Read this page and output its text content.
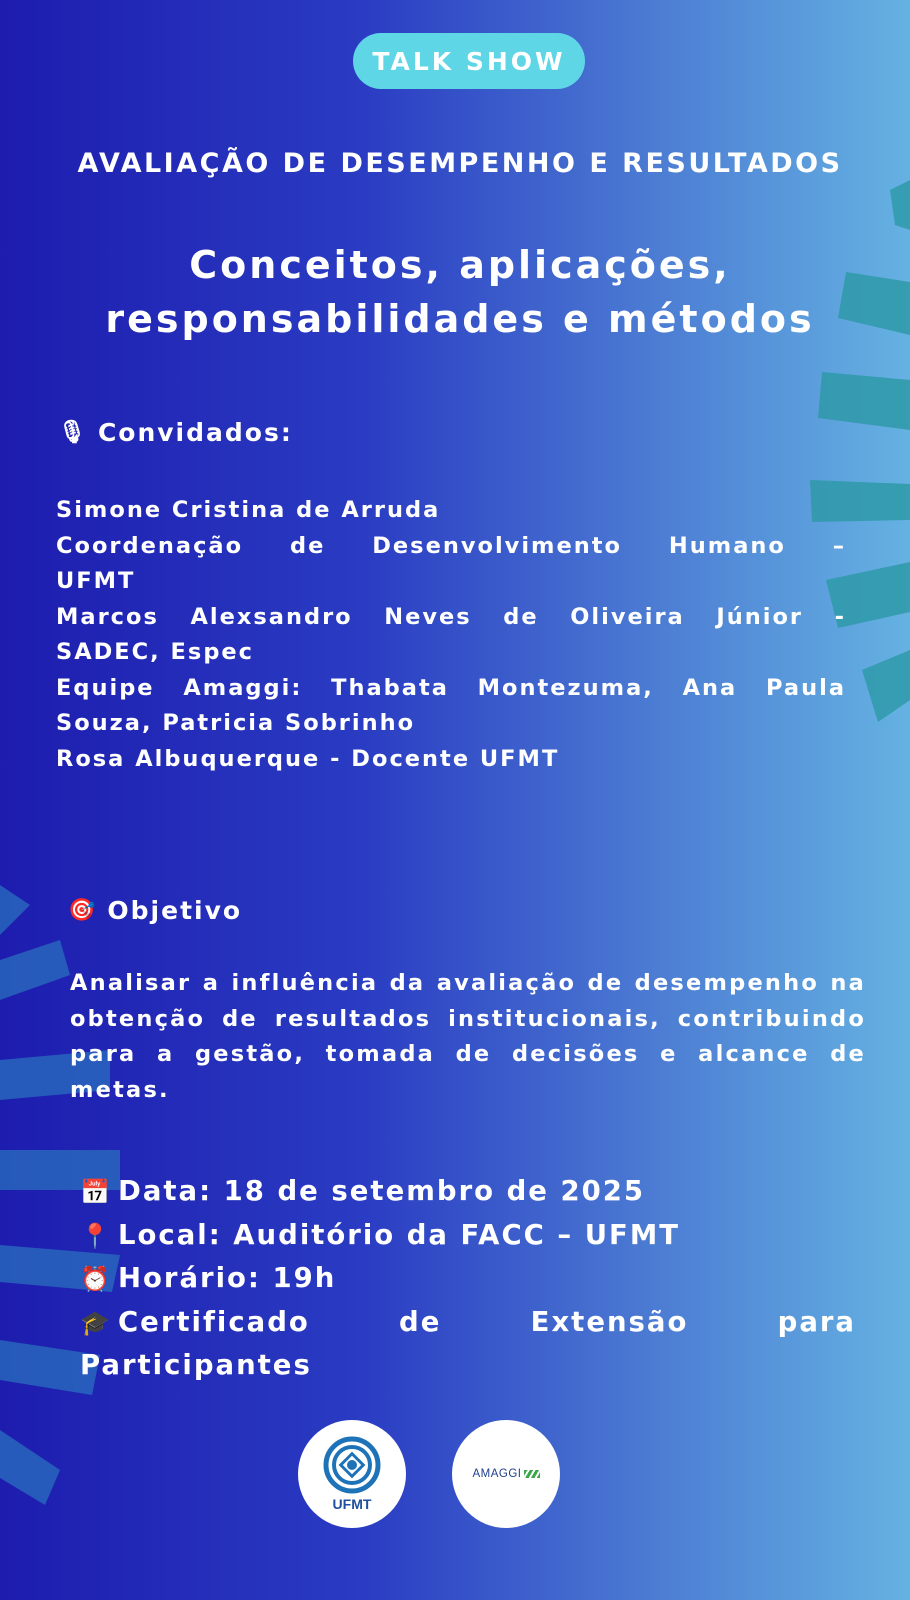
TALK SHOW
AVALIAÇÃO DE DESEMPENHO E RESULTADOS
Conceitos, aplicações,
responsabilidades e métodos
🎙 Convidados:
Simone Cristina de Arruda
Coordenação de Desenvolvimento Humano –
UFMT
Marcos Alexsandro Neves de Oliveira Júnior -
SADEC, Espec
Equipe Amaggi: Thabata Montezuma, Ana Paula
Souza, Patricia Sobrinho
Rosa Albuquerque - Docente UFMT
🎯 Objetivo
Analisar a influência da avaliação de desempenho na obtenção de resultados institucionais, contribuindo para a gestão, tomada de decisões e alcance de metas.
📅 Data: 18 de setembro de 2025
📍 Local: Auditório da FACC – UFMT
⏰ Horário: 19h
🎓 Certificado de Extensão para Participantes
UFMT
AMAGGI
